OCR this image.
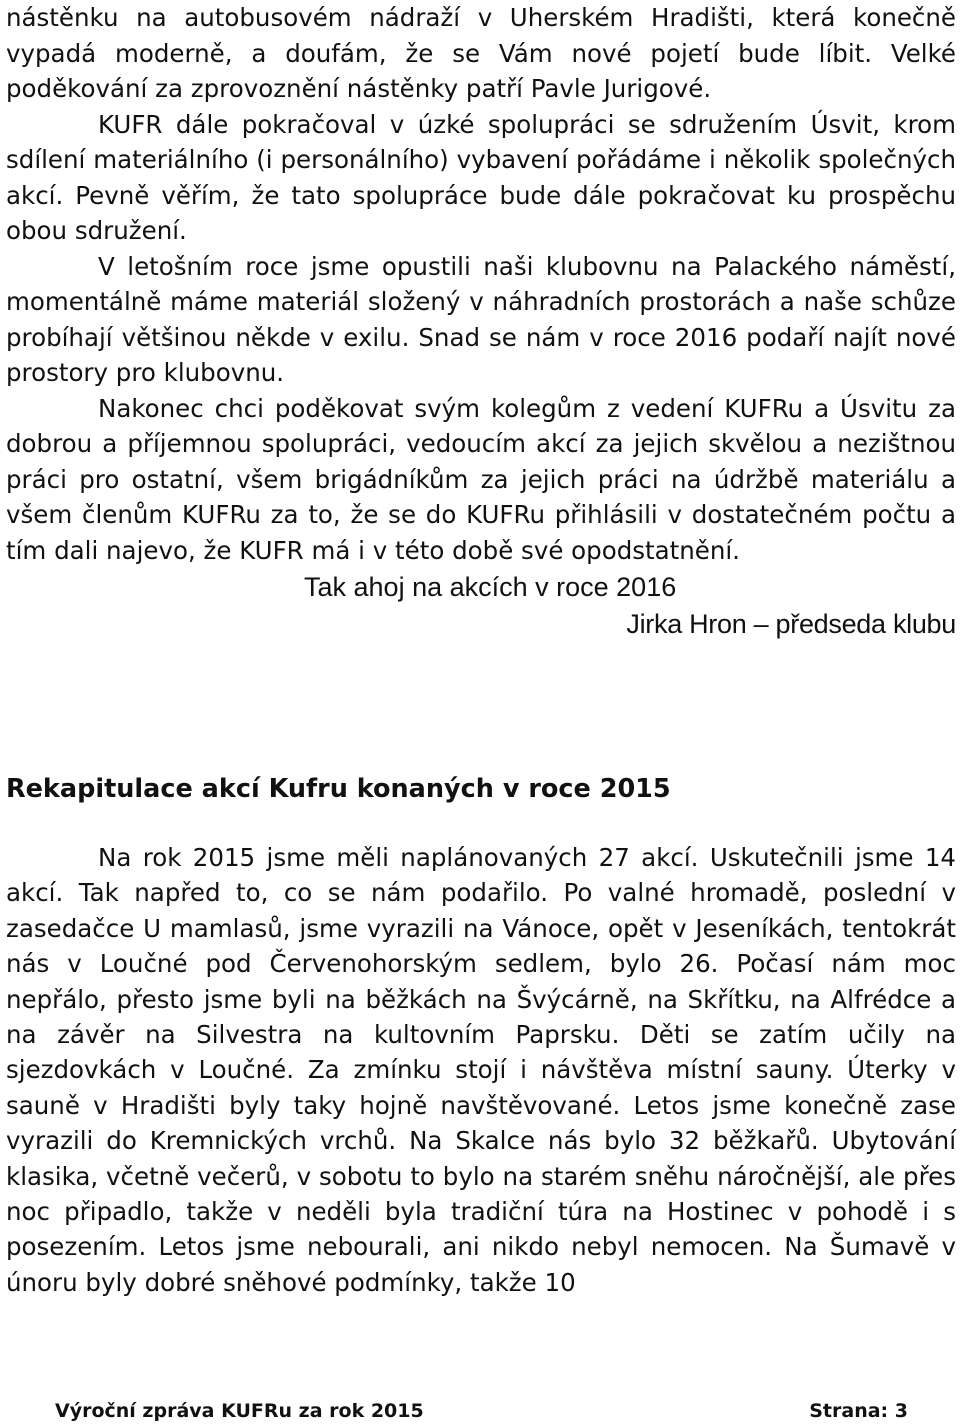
nástěnku na autobusovém nádraží v Uherském Hradišti, která konečně vypadá moderně, a doufám, že se Vám nové pojetí bude líbit. Velké poděkování za zprovoznění nástěnky patří Pavle Jurigové.

KUFR dále pokračoval v úzké spolupráci se sdružením Úsvit, krom sdílení materiálního (i personálního) vybavení pořádáme i několik společných akcí. Pevně věřím, že tato spolupráce bude dále pokračovat ku prospěchu obou sdružení.

V letošním roce jsme opustili naši klubovnu na Palackého náměstí, momentálně máme materiál složený v náhradních prostorách a naše schůze probíhají většinou někde v exilu. Snad se nám v roce 2016 podaří najít nové prostory pro klubovnu.

Nakonec chci poděkovat svým kolegům z vedení KUFRu a Úsvitu za dobrou a příjemnou spolupráci, vedoucím akcí za jejich skvělou a nezištnou práci pro ostatní, všem brigádníkům za jejich práci na údržbě materiálu a všem členům KUFRu za to, že se do KUFRu přihlásili v dostatečném počtu a tím dali najevo, že KUFR má i v této době své opodstatnění.

Tak ahoj na akcích v roce 2016

Jirka Hron – předseda klubu

Rekapitulace akcí Kufru konaných v roce 2015

Na rok 2015 jsme měli naplánovaných 27 akcí. Uskutečnili jsme 14 akcí. Tak napřed to, co se nám podařilo. Po valné hromadě, poslední v zasedačce U mamlasů, jsme vyrazili na Vánoce, opět v Jeseníkách, tentokrát nás v Loučné pod Červenohorským sedlem, bylo 26. Počasí nám moc nepřálo, přesto jsme byli na běžkách na Švýcárně, na Skřítku, na Alfrédce a na závěr na Silvestra na kultovním Paprsku. Děti se zatím učily na sjezdovkách v Loučné. Za zmínku stojí i návštěva místní sauny. Úterky v sauně v Hradišti byly taky hojně navštěvované. Letos jsme konečně zase vyrazili do Kremnických vrchů. Na Skalce nás bylo 32 běžkařů. Ubytování klasika, včetně večerů, v sobotu to bylo na starém sněhu náročnější, ale přes noc připadlo, takže v neděli byla tradiční túra na Hostinec v pohodě i s posezením. Letos jsme nebourali, ani nikdo nebyl nemocen. Na Šumavě v únoru byly dobré sněhové podmínky, takže 10

Výroční zpráva KUFRu za rok 2015	Strana: 3
